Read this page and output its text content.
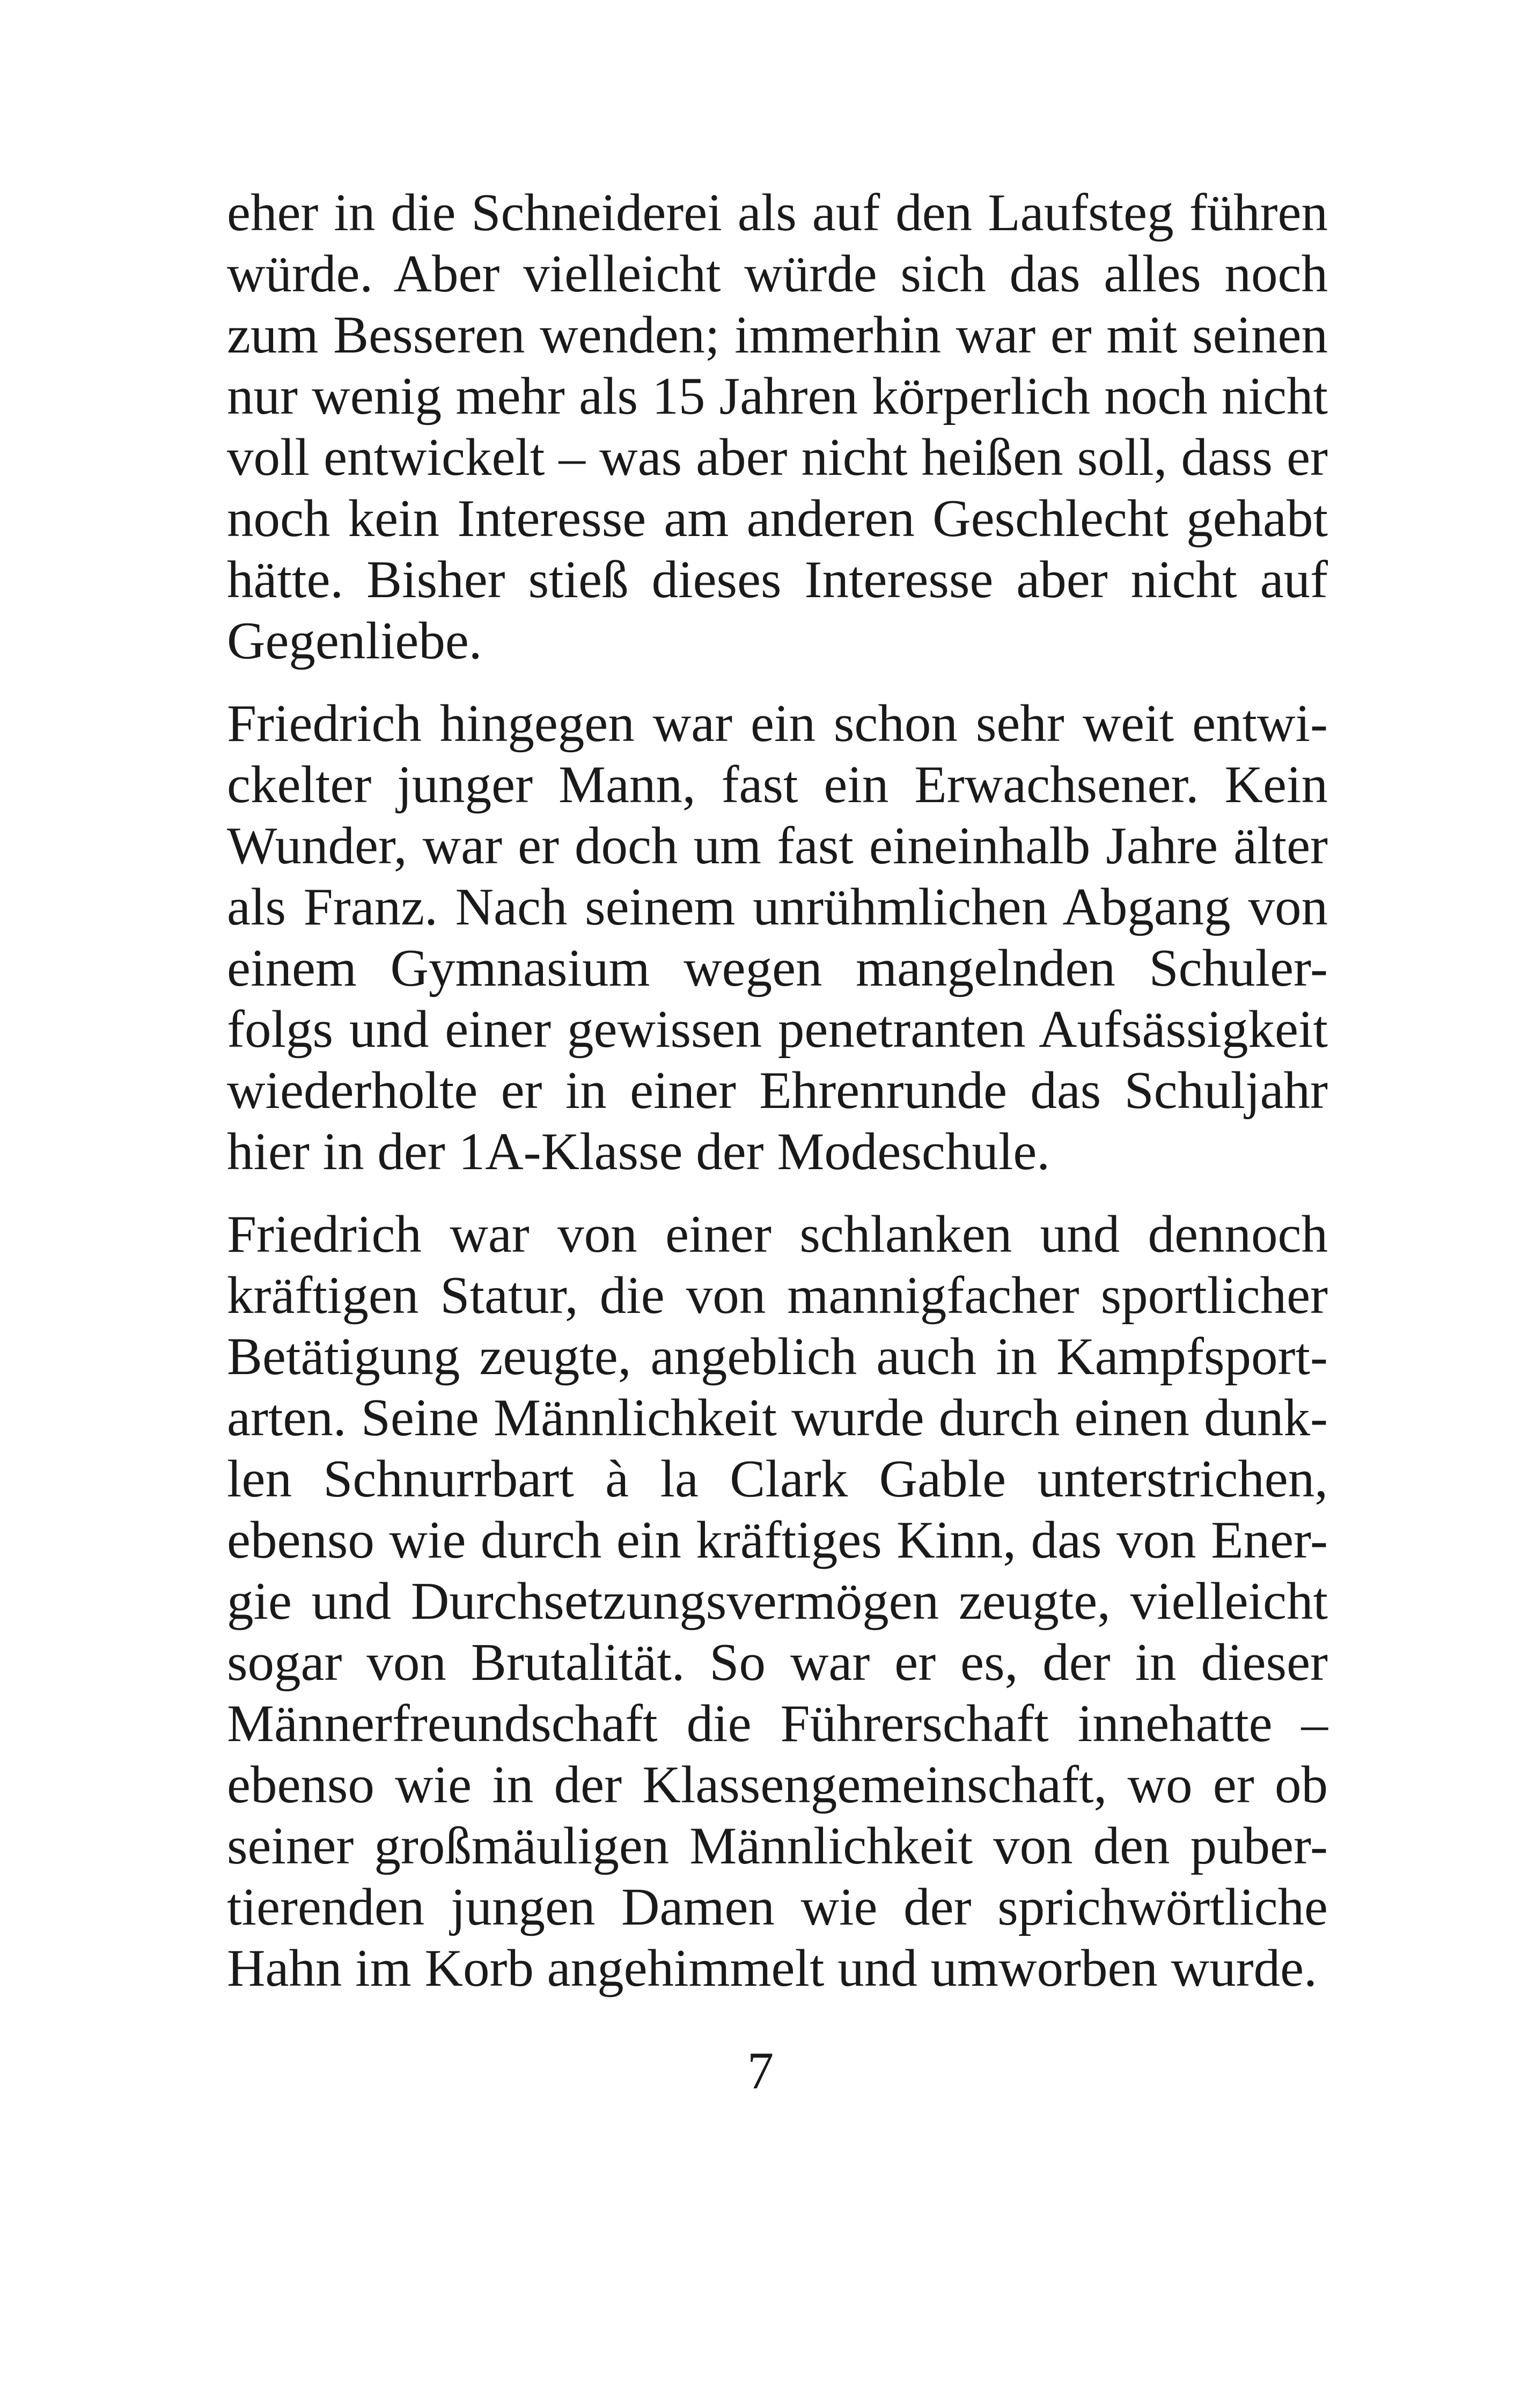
eher in die Schneiderei als auf den Laufsteg führen
würde. Aber vielleicht würde sich das alles noch
zum Besseren wenden; immerhin war er mit seinen
nur wenig mehr als 15 Jahren körperlich noch nicht
voll entwickelt – was aber nicht heißen soll, dass er
noch kein Interesse am anderen Geschlecht gehabt
hätte. Bisher stieß dieses Interesse aber nicht auf
Gegenliebe.
Friedrich hingegen war ein schon sehr weit entwi-
ckelter junger Mann, fast ein Erwachsener. Kein
Wunder, war er doch um fast eineinhalb Jahre älter
als Franz. Nach seinem unrühmlichen Abgang von
einem Gymnasium wegen mangelnden Schuler-
folgs und einer gewissen penetranten Aufsässigkeit
wiederholte er in einer Ehrenrunde das Schuljahr
hier in der 1A-Klasse der Modeschule.
Friedrich war von einer schlanken und dennoch
kräftigen Statur, die von mannigfacher sportlicher
Betätigung zeugte, angeblich auch in Kampfsport-
arten. Seine Männlichkeit wurde durch einen dunk-
len Schnurrbart à la Clark Gable unterstrichen,
ebenso wie durch ein kräftiges Kinn, das von Ener-
gie und Durchsetzungsvermögen zeugte, vielleicht
sogar von Brutalität. So war er es, der in dieser
Männerfreundschaft die Führerschaft innehatte –
ebenso wie in der Klassengemeinschaft, wo er ob
seiner großmäuligen Männlichkeit von den puber-
tierenden jungen Damen wie der sprichwörtliche
Hahn im Korb angehimmelt und umworben wurde.
7
